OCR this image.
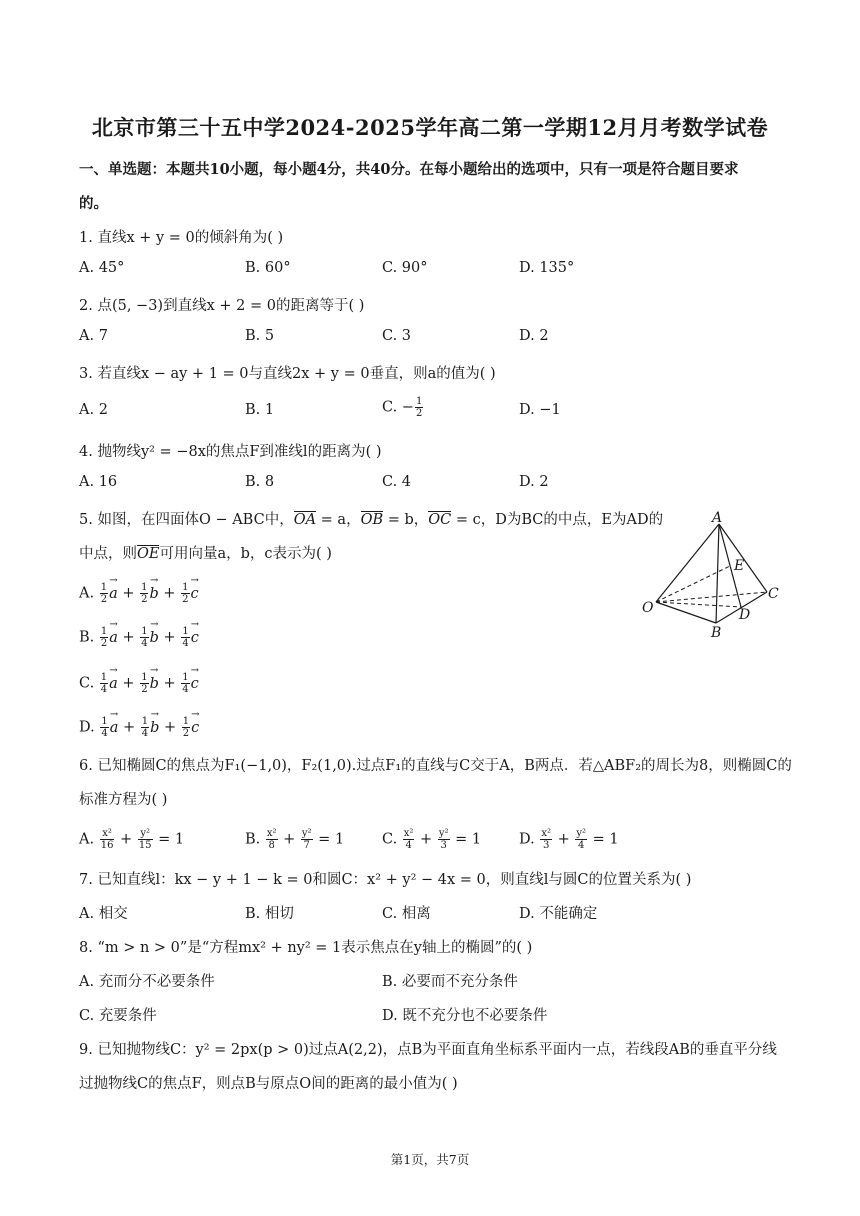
北京市第三十五中学2024-2025学年高二第一学期12月月考数学试卷
一、单选题：本题共10小题，每小题4分，共40分。在每小题给出的选项中，只有一项是符合题目要求
的。
1. 直线x + y = 0的倾斜角为( )
A. 45°	B. 60°	C. 90°	D. 135°
2. 点(5, −3)到直线x + 2 = 0的距离等于( )
A. 7	B. 5	C. 3	D. 2
3. 若直线x − ay + 1 = 0与直线2x + y = 0垂直，则a的值为( )
A. 2	B. 1	C. − $\frac{1}{2}$	D. −1
4. 抛物线y² = −8x的焦点F到准线l的距离为( )
A. 16	B. 8	C. 4	D. 2
5. 如图，在四面体O − ABC中，OA = a，OB = b，OC = c，D为BC的中点，E为AD的
中点，则OE可用向量a，b，c表示为( )
A. $\frac{1}{2}$
→ $a + \frac{1}{2}$
→ $b + \frac{1}{2}$
→ c
B. $\frac{1}{2}$
→ $a + \frac{1}{4}$
→ $b + \frac{1}{4}$
→ c
C. $\frac{1}{4}$
→ $a + \frac{1}{2}$
→ $b + \frac{1}{4}$
→ c
D. $\frac{1}{4}$
→ $a + \frac{1}{4}$
→ $b + \frac{1}{2}$
→ c
A
E
C
O	D
B
6. 已知椭圆C的焦点为F₁(−1,0)，F₂(1,0).过点F₁的直线与C交于A，B两点．若△ABF₂的周长为8，则椭圆C的
标准方程为( )
A. $\frac{\text{x²}}{16} + \frac{\text{y²}}{15} = 1$	B. $\frac{\text{x²}}{8} + \frac{\text{y²}}{7} = 1$	C. $\frac{\text{x²}}{4} + \frac{\text{y²}}{3} = 1$	D. $\frac{\text{x²}}{3} + \frac{\text{y²}}{4} = 1$
7. 已知直线l：kx − y + 1 − k = 0和圆C：x² + y² − 4x = 0，则直线l与圆C的位置关系为( )
A. 相交	B. 相切	C. 相离	D. 不能确定
8. “m > n > 0”是“方程mx² + ny² = 1表示焦点在y轴上的椭圆”的( )
A. 充而分不必要条件	B. 必要而不充分条件
C. 充要条件	D. 既不充分也不必要条件
9. 已知抛物线C：y² = 2px(p > 0)过点A(2,2)，点B为平面直角坐标系平面内一点，若线段AB的垂直平分线
过抛物线C的焦点F，则点B与原点O间的距离的最小值为( )
第1页，共7页
